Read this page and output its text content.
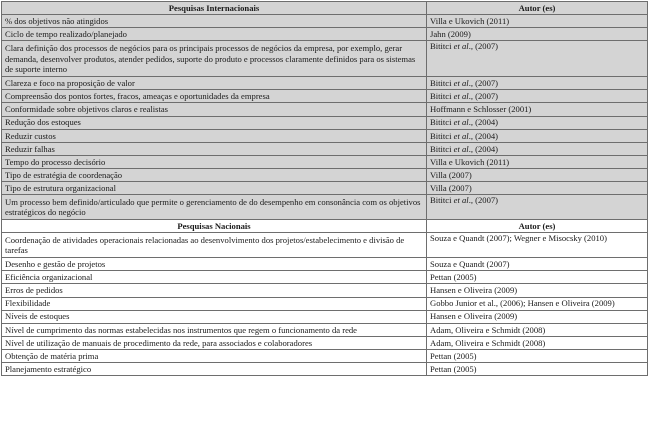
Pesquisas Internacionais	Autor (es)
% dos objetivos não atingidos	Villa e Ukovich (2011)
Ciclo de tempo realizado/planejado	Jahn (2009)
Clara definição dos processos de negócios para os principais processos de negócios da empresa, por exemplo, gerar demanda, desenvolver produtos, atender pedidos, suporte do produto e processos claramente definidos para os sistemas de suporte interno	Bititci et al., (2007)
Clareza e foco na proposição de valor	Bititci et al., (2007)
Compreensão dos pontos fortes, fracos, ameaças e oportunidades da empresa	Bititci et al., (2007)
Conformidade sobre objetivos claros e realistas	Hoffmann e Schlosser (2001)
Redução dos estoques	Bititci et al., (2004)
Reduzir custos	Bititci et al., (2004)
Reduzir falhas	Bititci et al., (2004)
Tempo do processo decisório	Villa e Ukovich (2011)
Tipo de estratégia de coordenação	Villa (2007)
Tipo de estrutura organizacional	Villa (2007)
Um processo bem definido/articulado que permite o gerenciamento de do desempenho em consonância com os objetivos estratégicos do negócio	Bititci et al., (2007)
Pesquisas Nacionais	Autor (es)
Coordenação de atividades operacionais relacionadas ao desenvolvimento dos projetos/estabelecimento e divisão de tarefas	Souza e Quandt (2007); Wegner e Misocsky (2010)
Desenho e gestão de projetos	Souza e Quandt (2007)
Eficiência organizacional	Pettan (2005)
Erros de pedidos	Hansen e Oliveira (2009)
Flexibilidade	Gobbo Junior et al., (2006); Hansen e Oliveira (2009)
Níveis de estoques	Hansen e Oliveira (2009)
Nível de cumprimento das normas estabelecidas nos instrumentos que regem o funcionamento da rede	Adam, Oliveira e Schmidt (2008)
Nível de utilização de manuais de procedimento da rede, para associados e colaboradores	Adam, Oliveira e Schmidt (2008)
Obtenção de matéria prima	Pettan (2005)
Planejamento estratégico	Pettan (2005)
